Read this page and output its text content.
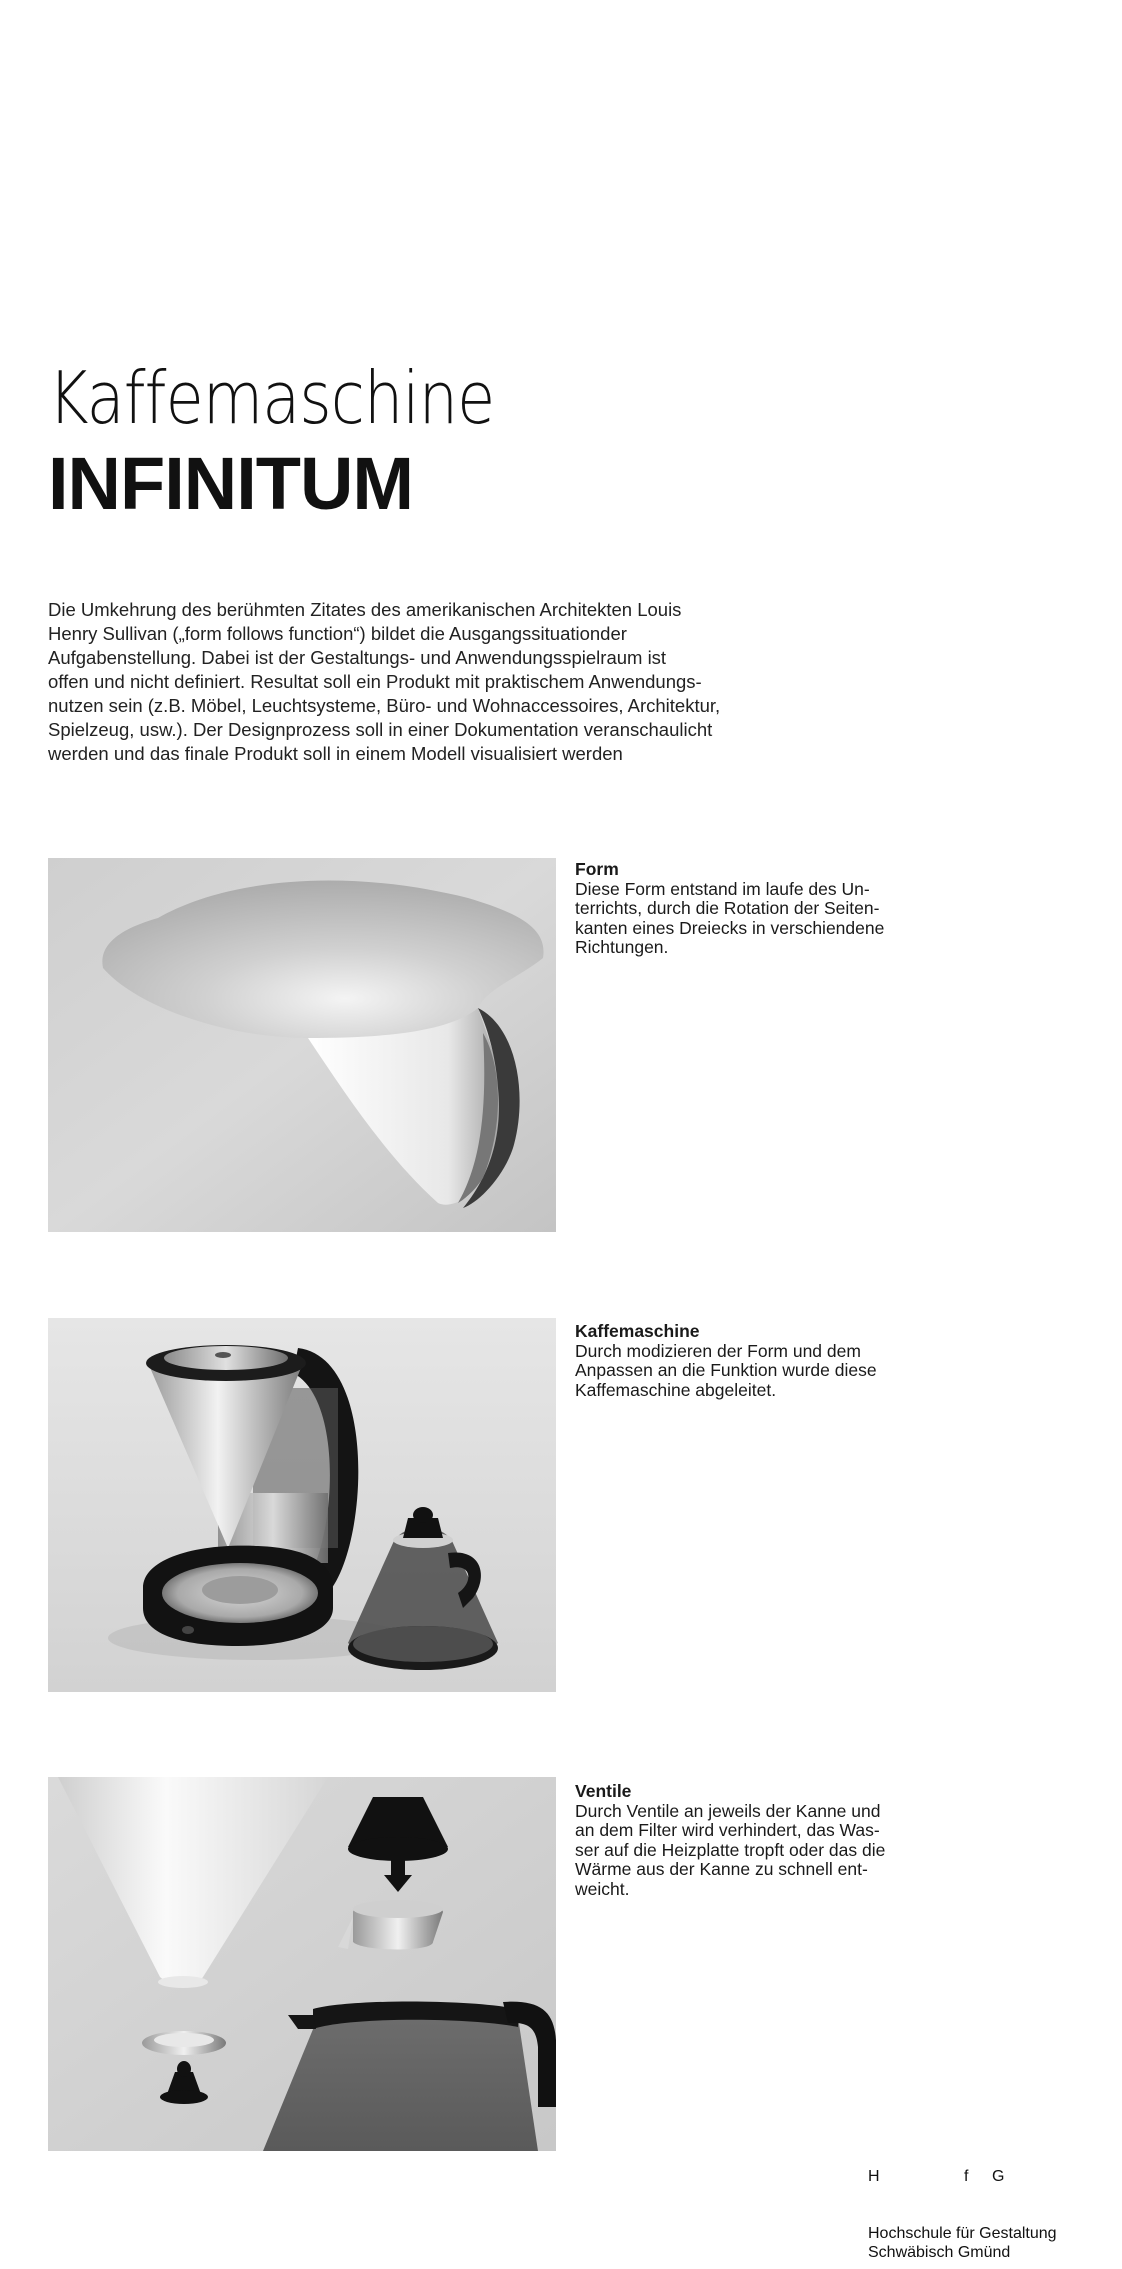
Kaffemaschine
INFINITUM

Die Umkehrung des berühmten Zitates des amerikanischen Architekten Louis
Henry Sullivan („form follows function“) bildet die Ausgangssituationder
Aufgabenstellung. Dabei ist der Gestaltungs- und Anwendungsspielraum ist
offen und nicht definiert. Resultat soll ein Produkt mit praktischem Anwendungs-
nutzen sein (z.B. Möbel, Leuchtsysteme, Büro- und Wohnaccessoires, Architektur,
Spielzeug, usw.). Der Designprozess soll in einer Dokumentation veranschaulicht
werden und das finale Produkt soll in einem Modell visualisiert werden

Form
Diese Form entstand im laufe des Un-
terrichts, durch die Rotation der Seiten-
kanten eines Dreiecks in verschiendene
Richtungen.
Kaffemaschine
Durch modizieren der Form und dem
Anpassen an die Funktion wurde diese
Kaffemaschine abgeleitet.
Ventile
Durch Ventile an jeweils der Kanne und
an dem Filter wird verhindert, das Was-
ser auf die Heizplatte tropft oder das die
Wärme aus der Kanne zu schnell ent-
weicht.
H	f G
Hochschule für Gestaltung
Schwäbisch Gmünd
